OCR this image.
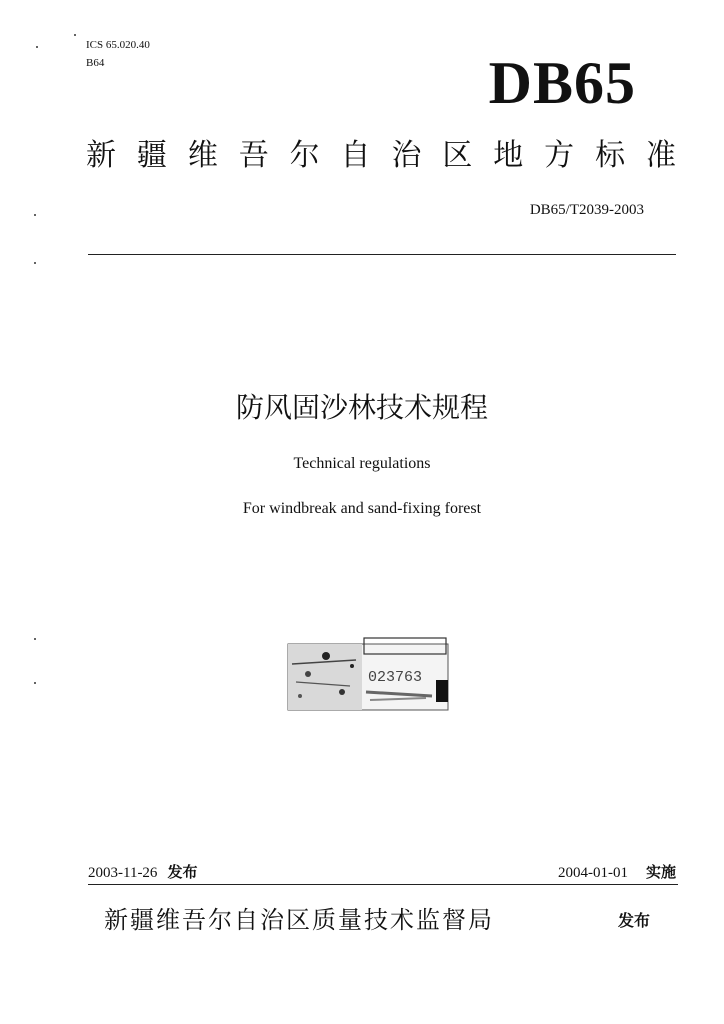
ICS 65.020.40
B64	DB65
新 疆 维 吾 尔 自 治 区 地 方 标 准
DB65/T2039-2003
防风固沙林技术规程
Technical regulations
For windbreak and sand-fixing forest
023763
2003-11-26 发布	2004-01-01 实施
新疆维吾尔自治区质量技术监督局	发布
